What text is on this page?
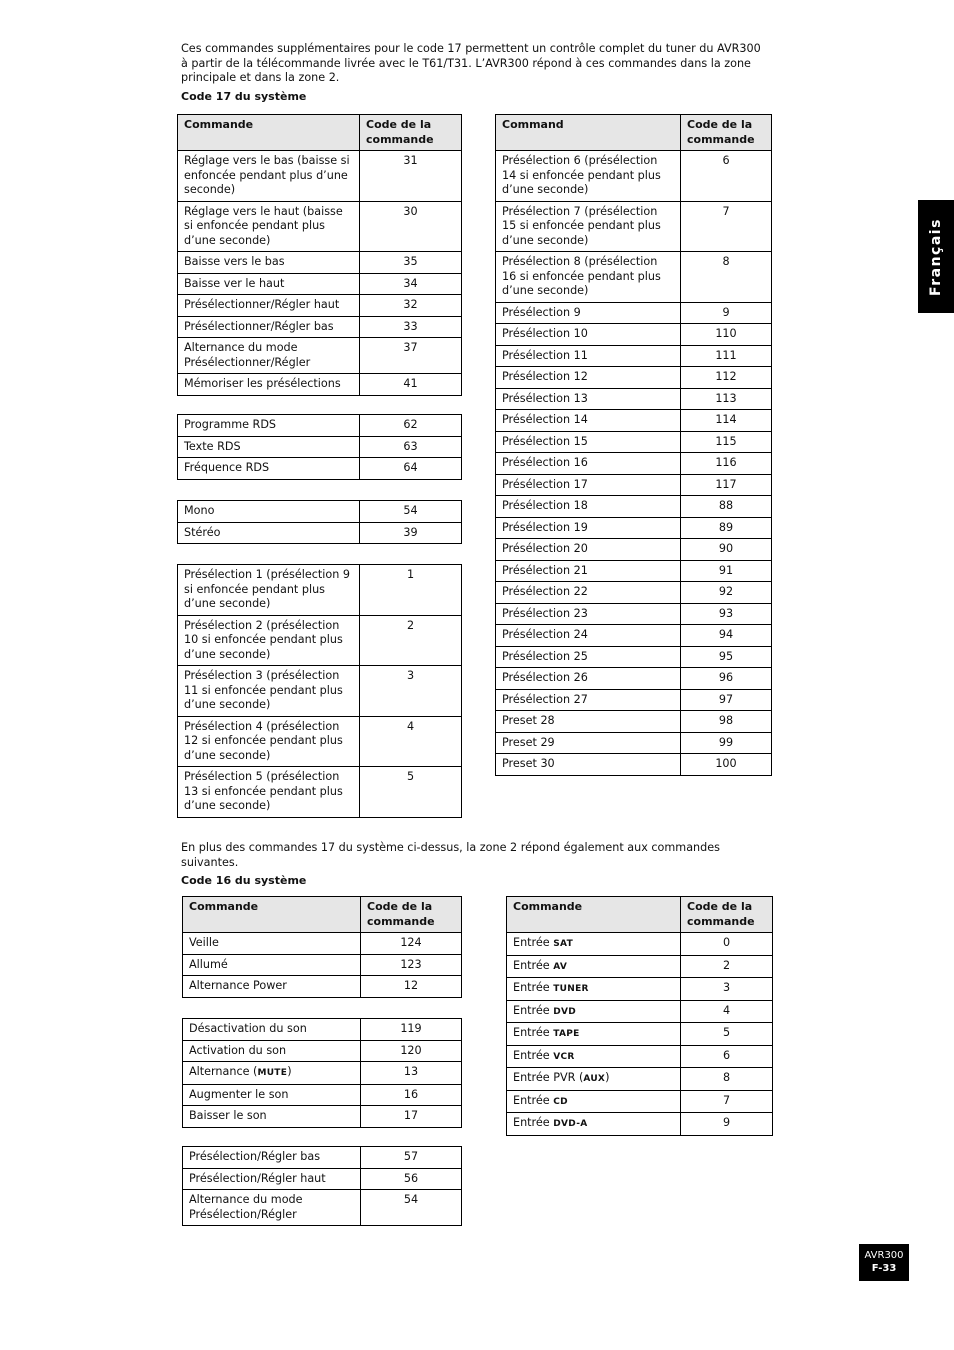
Ces commandes supplémentaires pour le code 17 permettent un contrôle complet du tuner du AVR300 à partir de la télécommande livrée avec le T61/T31. L’AVR300 répond à ces commandes dans la zone principale et dans la zone 2.

Code 17 du système

Commande	Code de la commande
Réglage vers le bas (baisse si enfoncée pendant plus d’une seconde)	31
Réglage vers le haut (baisse si enfoncée pendant plus d’une seconde)	30
Baisse vers le bas	35
Baisse ver le haut	34
Présélectionner/Régler haut	32
Présélectionner/Régler bas	33
Alternance du mode Présélectionner/Régler	37
Mémoriser les présélections	41
Programme RDS	62
Texte RDS	63
Fréquence RDS	64
Mono	54
Stéréo	39
Présélection 1 (présélection 9 si enfoncée pendant plus d’une seconde)	1
Présélection 2 (présélection 10 si enfoncée pendant plus d’une seconde)	2
Présélection 3 (présélection 11 si enfoncée pendant plus d’une seconde)	3
Présélection 4 (présélection 12 si enfoncée pendant plus d’une seconde)	4
Présélection 5 (présélection 13 si enfoncée pendant plus d’une seconde)	5
Command	Code de la commande
Présélection 6 (présélection 14 si enfoncée pendant plus d’une seconde)	6
Présélection 7 (présélection 15 si enfoncée pendant plus d’une seconde)	7
Présélection 8 (présélection 16 si enfoncée pendant plus d’une seconde)	8
Présélection 9	9
Présélection 10	110
Présélection 11	111
Présélection 12	112
Présélection 13	113
Présélection 14	114
Présélection 15	115
Présélection 16	116
Présélection 17	117
Présélection 18	88
Présélection 19	89
Présélection 20	90
Présélection 21	91
Présélection 22	92
Présélection 23	93
Présélection 24	94
Présélection 25	95
Présélection 26	96
Présélection 27	97
Preset 28	98
Preset 29	99
Preset 30	100

En plus des commandes 17 du système ci-dessus, la zone 2 répond également aux commandes suivantes.

Code 16 du système

Commande	Code de la commande
Veille	124
Allumé	123
Alternance Power	12
Désactivation du son	119
Activation du son	120
Alternance (MUTE)	13
Augmenter le son	16
Baisser le son	17
Présélection/Régler bas	57
Présélection/Régler haut	56
Alternance du mode Présélection/Régler	54
Commande	Code de la commande
Entrée SAT	0
Entrée AV	2
Entrée TUNER	3
Entrée DVD	4
Entrée TAPE	5
Entrée VCR	6
Entrée PVR (AUX)	8
Entrée CD	7
Entrée DVD-A	9
Français
AVR300
F-33
